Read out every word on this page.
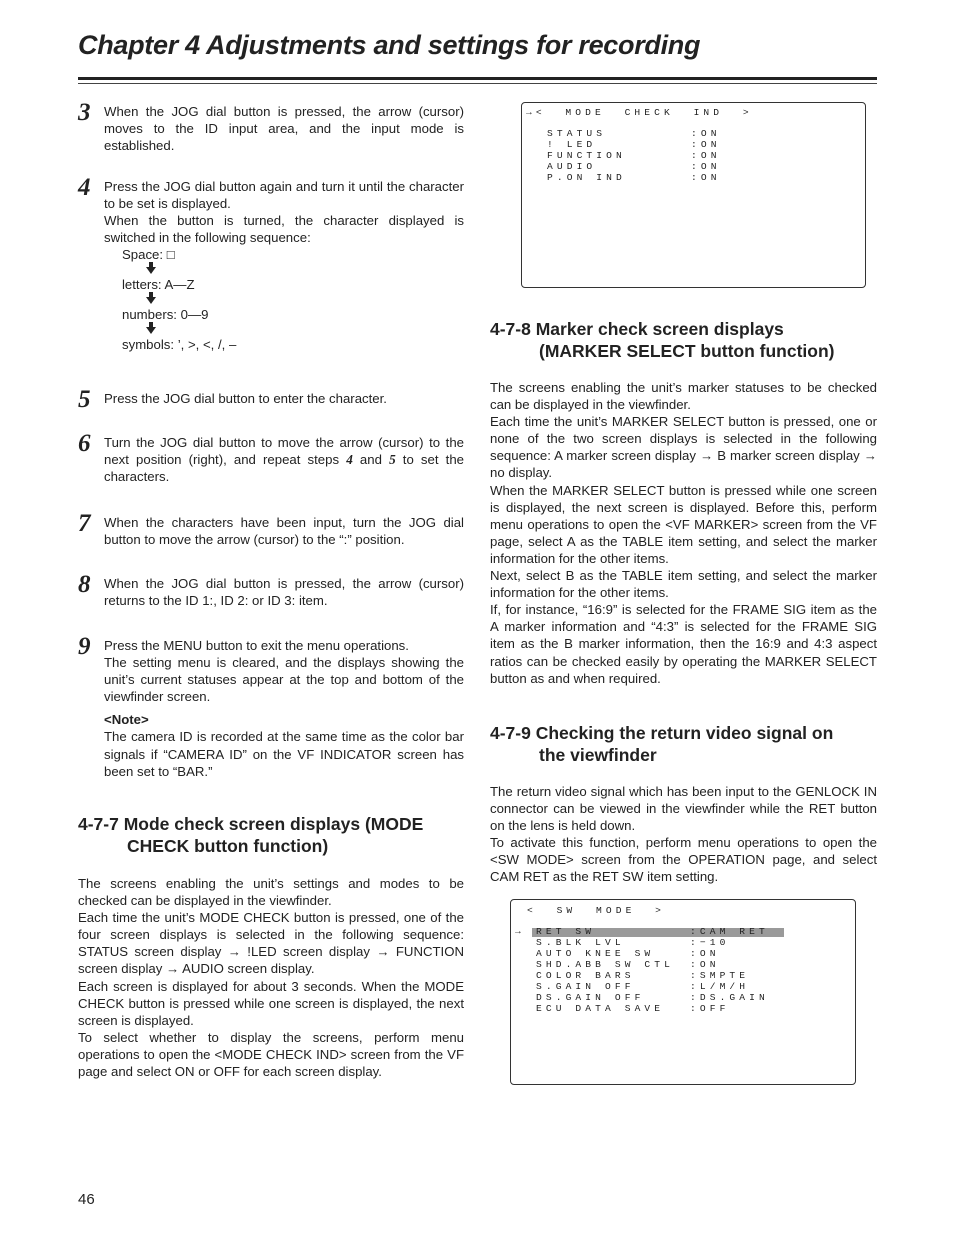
Chapter 4 Adjustments and settings for recording
3	When the JOG dial button is pressed, the arrow (cursor) moves to the ID input area, and the input mode is established.

4	Press the JOG dial button again and turn it until the character to be set is displayed.

When the button is turned, the character displayed is switched in the following sequence:

Space: □
letters: A—Z
numbers: 0—9
symbols: ’, >, <, /, –
5	Press the JOG dial button to enter the character.

6	Turn the JOG dial button to move the arrow (cursor) to the next position (right), and repeat steps 4 and 5 to set the characters.

7	When the characters have been input, turn the JOG dial button to move the arrow (cursor) to the “:” position.

8	When the JOG dial button is pressed, the arrow (cursor) returns to the ID 1:, ID 2: or ID 3: item.

9	Press the MENU button to exit the menu operations.

The setting menu is cleared, and the displays showing the unit’s current statuses appear at the top and bottom of the viewfinder screen.

<Note>

The camera ID is recorded at the same time as the color bar signals if “CAMERA ID” on the VF INDICATOR screen has been set to “BAR.”

4-7-7 Mode check screen displays (MODE
CHECK button function)

The screens enabling the unit’s settings and modes to be checked can be displayed in the viewfinder.

Each time the unit’s MODE CHECK button is pressed, one of the four screen displays is selected in the following sequence: STATUS screen display → !LED screen display → FUNCTION screen display → AUDIO screen display.

Each screen is displayed for about 3 seconds. When the MODE CHECK button is pressed while one screen is displayed, the next screen is displayed.

To select whether to display the screens, perform menu operations to open the <MODE CHECK IND> screen from the VF page and select ON or OFF for each screen display.

→<  MODE  CHECK  IND  >
STATUS	:ON
! LED	:ON
FUNCTION	:ON
AUDIO	:ON
P.ON IND	:ON
4-7-8 Marker check screen displays
(MARKER SELECT button function)

The screens enabling the unit’s marker statuses to be checked can be displayed in the viewfinder.

Each time the unit’s MARKER SELECT button is pressed, one or none of the two screen displays is selected in the following sequence: A marker screen display → B marker screen display → no display.

When the MARKER SELECT button is pressed while one screen is displayed, the next screen is displayed. Before this, perform menu operations to open the <VF MARKER> screen from the VF page, select A as the TABLE item setting, and select the marker information for the other items.

Next, select B as the TABLE item setting, and select the marker information for the other items.

If, for instance, “16:9” is selected for the FRAME SIG item as the A marker information and “4:3” is selected for the FRAME SIG item as the B marker information, then the 16:9 and 4:3 aspect ratios can be checked easily by operating the MARKER SELECT button as and when required.

4-7-9 Checking the return video signal on
the viewfinder

The return video signal which has been input to the GENLOCK IN connector can be viewed in the viewfinder while the RET button on the lens is held down.

To activate this function, perform menu operations to open the <SW MODE> screen from the OPERATION page, and select CAM RET as the RET SW item setting.

<  SW  MODE  >
→ RET SW	:CAM RET
S.BLK LVL	:−10
AUTO KNEE SW	:ON
SHD.ABB SW CTL :ON
COLOR BARS	:SMPTE
S.GAIN OFF	:L/M/H
DS.GAIN OFF	:DS.GAIN
ECU DATA SAVE	:OFF
46
